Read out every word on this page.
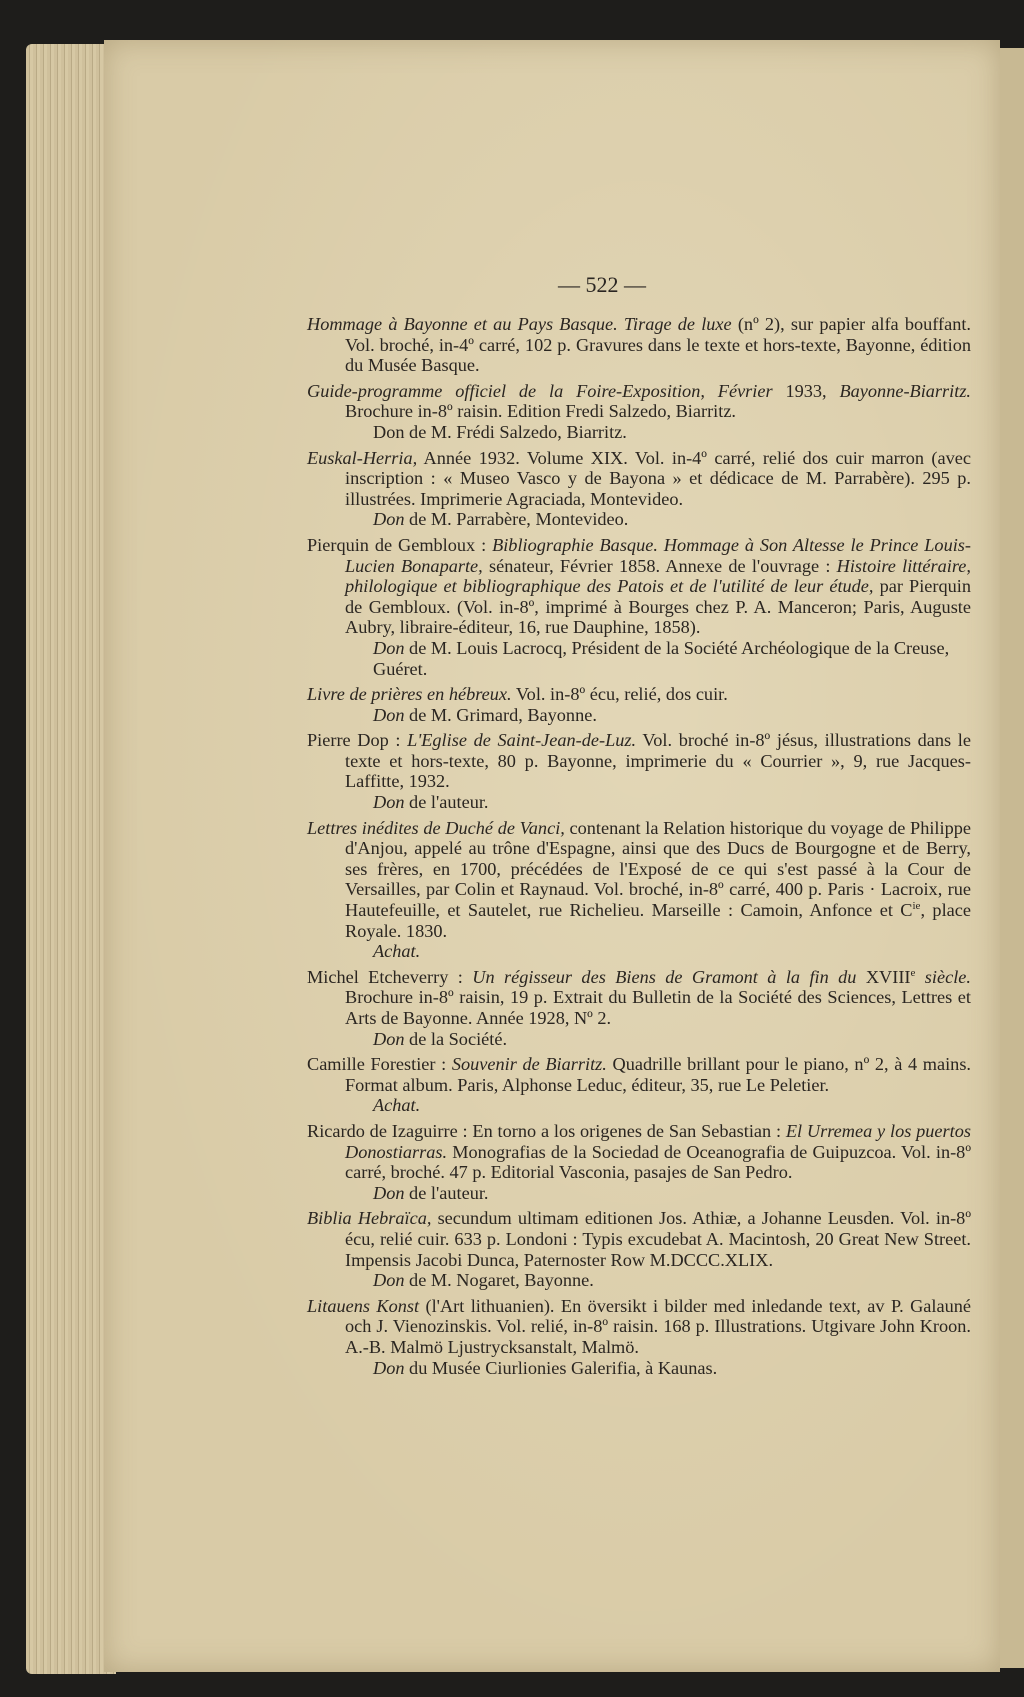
— 522 —
Hommage à Bayonne et au Pays Basque. Tirage de luxe (nº 2), sur papier alfa bouffant. Vol. broché, in-4º carré, 102 p. Gravures dans le texte et hors-texte, Bayonne, édition du Musée Basque.
Guide-programme officiel de la Foire-Exposition, Février 1933, Bayonne-Biarritz. Brochure in-8º raisin. Edition Fredi Salzedo, Biarritz.
Don de M. Frédi Salzedo, Biarritz.
Euskal-Herria, Année 1932. Volume XIX. Vol. in-4º carré, relié dos cuir marron (avec inscription : « Museo Vasco y de Bayona » et dédicace de M. Parrabère). 295 p. illustrées. Imprimerie Agraciada, Montevideo.
Don de M. Parrabère, Montevideo.
Pierquin de Gembloux : Bibliographie Basque. Hommage à Son Altesse le Prince Louis-Lucien Bonaparte, sénateur, Février 1858. Annexe de l'ouvrage : Histoire littéraire, philologique et bibliographique des Patois et de l'utilité de leur étude, par Pierquin de Gembloux. (Vol. in-8º, imprimé à Bourges chez P. A. Manceron; Paris, Auguste Aubry, libraire-éditeur, 16, rue Dauphine, 1858).
Don de M. Louis Lacrocq, Président de la Société Archéologique de la Creuse, Guéret.
Livre de prières en hébreux. Vol. in-8º écu, relié, dos cuir.
Don de M. Grimard, Bayonne.
Pierre Dop : L'Eglise de Saint-Jean-de-Luz. Vol. broché in-8º jésus, illustrations dans le texte et hors-texte, 80 p. Bayonne, imprimerie du « Courrier », 9, rue Jacques-Laffitte, 1932.
Don de l'auteur.
Lettres inédites de Duché de Vanci, contenant la Relation historique du voyage de Philippe d'Anjou, appelé au trône d'Espagne, ainsi que des Ducs de Bourgogne et de Berry, ses frères, en 1700, précédées de l'Exposé de ce qui s'est passé à la Cour de Versailles, par Colin et Raynaud. Vol. broché, in-8º carré, 400 p. Paris · Lacroix, rue Hautefeuille, et Sautelet, rue Richelieu. Marseille : Camoin, Anfonce et $C^{ie}$, place Royale. 1830.
Achat.
Michel Etcheverry : Un régisseur des Biens de Gramont à la fin du XVIIIe siècle. Brochure in-8º raisin, 19 p. Extrait du Bulletin de la Société des Sciences, Lettres et Arts de Bayonne. Année 1928, Nº 2.
Don de la Société.
Camille Forestier : Souvenir de Biarritz. Quadrille brillant pour le piano, nº 2, à 4 mains. Format album. Paris, Alphonse Leduc, éditeur, 35, rue Le Peletier.
Achat.
Ricardo de Izaguirre : En torno a los origenes de San Sebastian : El Urremea y los puertos Donostiarras. Monografias de la Sociedad de Oceanografia de Guipuzcoa. Vol. in-8º carré, broché. 47 p. Editorial Vasconia, pasajes de San Pedro.
Don de l'auteur.
Biblia Hebraïca, secundum ultimam editionen Jos. Athiæ, a Johanne Leusden. Vol. in-8º écu, relié cuir. 633 p. Londoni : Typis excudebat A. Macintosh, 20 Great New Street. Impensis Jacobi Dunca, Paternoster Row M.DCCC.XLIX.
Don de M. Nogaret, Bayonne.
Litauens Konst (l'Art lithuanien). En översikt i bilder med inledande text, av P. Galauné och J. Vienozinskis. Vol. relié, in-8º raisin. 168 p. Illustrations. Utgivare John Kroon. A.-B. Malmö Ljustrycksanstalt, Malmö.
Don du Musée Ciurlionies Galerifia, à Kaunas.
